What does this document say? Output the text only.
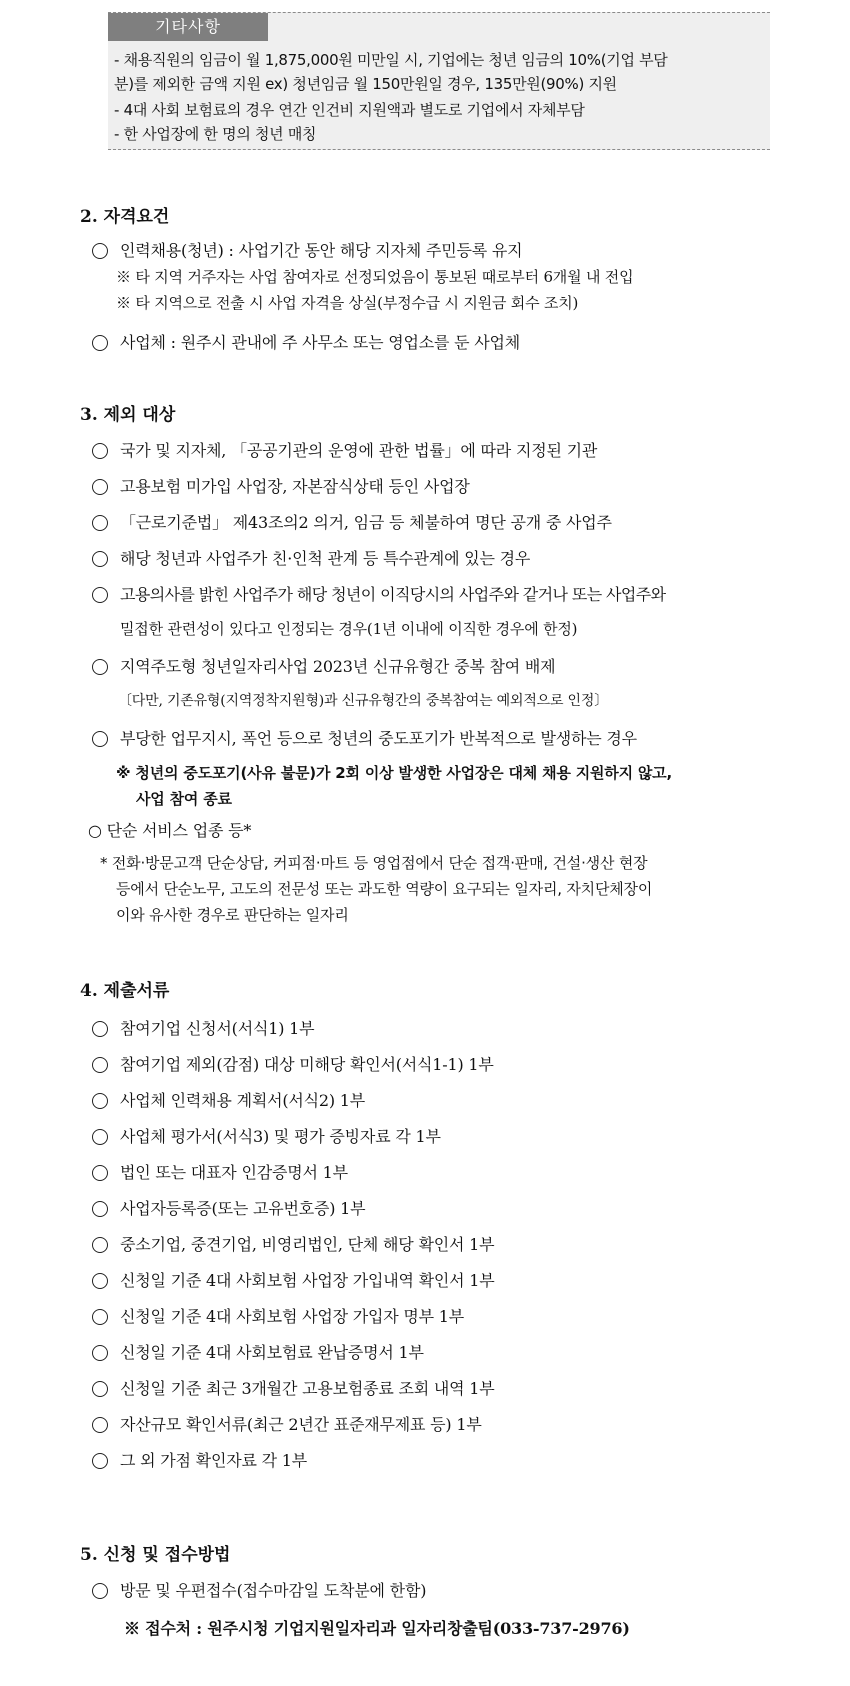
기타사항
- 채용직원의 임금이 월 1,875,000원 미만일 시, 기업에는 청년 임금의 10%(기업 부담
분)를 제외한 금액 지원 ex) 청년임금 월 150만원일 경우, 135만원(90%) 지원
- 4대 사회 보험료의 경우 연간 인건비 지원액과 별도로 기업에서 자체부담
- 한 사업장에 한 명의 청년 매칭
2. 자격요건
인력채용(청년) : 사업기간 동안 해당 지자체 주민등록 유지
※ 타 지역 거주자는 사업 참여자로 선정되었음이 통보된 때로부터 6개월 내 전입
※ 타 지역으로 전출 시 사업 자격을 상실(부정수급 시 지원금 회수 조치)
사업체 : 원주시 관내에 주 사무소 또는 영업소를 둔 사업체
3. 제외 대상
국가 및 지자체, 「공공기관의 운영에 관한 법률」에 따라 지정된 기관
고용보험 미가입 사업장, 자본잠식상태 등인 사업장
「근로기준법」 제43조의2 의거, 임금 등 체불하여 명단 공개 중 사업주
해당 청년과 사업주가 친·인척 관계 등 특수관계에 있는 경우
고용의사를 밝힌 사업주가 해당 청년이 이직당시의 사업주와 같거나 또는 사업주와
밀접한 관련성이 있다고 인정되는 경우(1년 이내에 이직한 경우에 한정)
지역주도형 청년일자리사업 2023년 신규유형간 중복 참여 배제
〔다만, 기존유형(지역정착지원형)과 신규유형간의 중복참여는 예외적으로 인정〕
부당한 업무지시, 폭언 등으로 청년의 중도포기가 반복적으로 발생하는 경우
※ 청년의 중도포기(사유 불문)가 2회 이상 발생한 사업장은 대체 채용 지원하지 않고,
사업 참여 종료
○ 단순 서비스 업종 등*
* 전화·방문고객 단순상담, 커피점·마트 등 영업점에서 단순 접객·판매, 건설·생산 현장
등에서 단순노무, 고도의 전문성 또는 과도한 역량이 요구되는 일자리, 자치단체장이
이와 유사한 경우로 판단하는 일자리
4. 제출서류
참여기업 신청서(서식1) 1부
참여기업 제외(감점) 대상 미해당 확인서(서식1-1) 1부
사업체 인력채용 계획서(서식2) 1부
사업체 평가서(서식3) 및 평가 증빙자료 각 1부
법인 또는 대표자 인감증명서 1부
사업자등록증(또는 고유번호증) 1부
중소기업, 중견기업, 비영리법인, 단체 해당 확인서 1부
신청일 기준 4대 사회보험 사업장 가입내역 확인서 1부
신청일 기준 4대 사회보험 사업장 가입자 명부 1부
신청일 기준 4대 사회보험료 완납증명서 1부
신청일 기준 최근 3개월간 고용보험종료 조회 내역 1부
자산규모 확인서류(최근 2년간 표준재무제표 등) 1부
그 외 가점 확인자료 각 1부
5. 신청 및 접수방법
방문 및 우편접수(접수마감일 도착분에 한함)
※ 접수처 : 원주시청 기업지원일자리과 일자리창출팀(033-737-2976)
